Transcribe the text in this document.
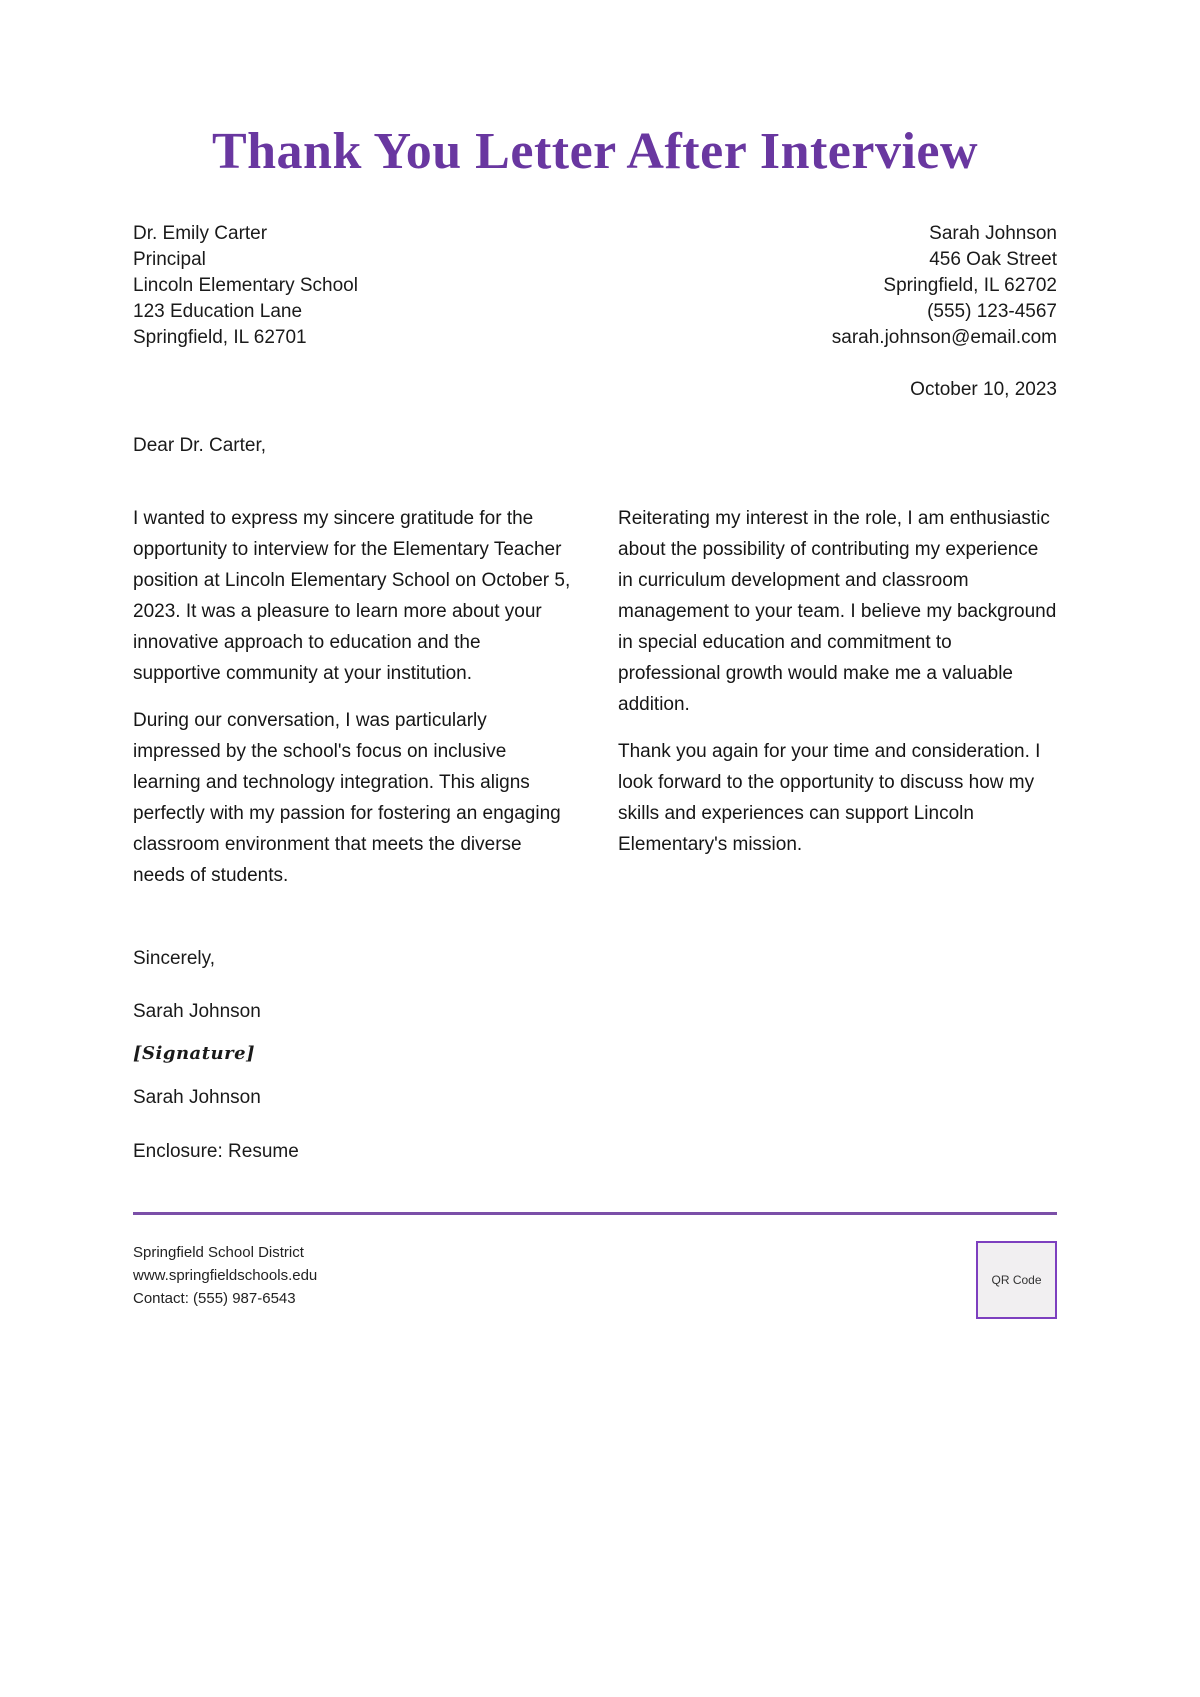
Thank You Letter After Interview
Dr. Emily Carter
Principal
Lincoln Elementary School
123 Education Lane
Springfield, IL 62701
Sarah Johnson
456 Oak Street
Springfield, IL 62702
(555) 123-4567
sarah.johnson@email.com
October 10, 2023
Dear Dr. Carter,

I wanted to express my sincere gratitude for the opportunity to interview for the Elementary Teacher position at Lincoln Elementary School on October 5, 2023. It was a pleasure to learn more about your innovative approach to education and the supportive community at your institution.

During our conversation, I was particularly impressed by the school's focus on inclusive learning and technology integration. This aligns perfectly with my passion for fostering an engaging classroom environment that meets the diverse needs of students.

Reiterating my interest in the role, I am enthusiastic about the possibility of contributing my experience in curriculum development and classroom management to your team. I believe my background in special education and commitment to professional growth would make me a valuable addition.

Thank you again for your time and consideration. I look forward to the opportunity to discuss how my skills and experiences can support Lincoln Elementary's mission.

Sincerely,
Sarah Johnson
[Signature]
Sarah Johnson
Enclosure: Resume
Springfield School District
www.springfieldschools.edu
Contact: (555) 987-6543
QR Code
